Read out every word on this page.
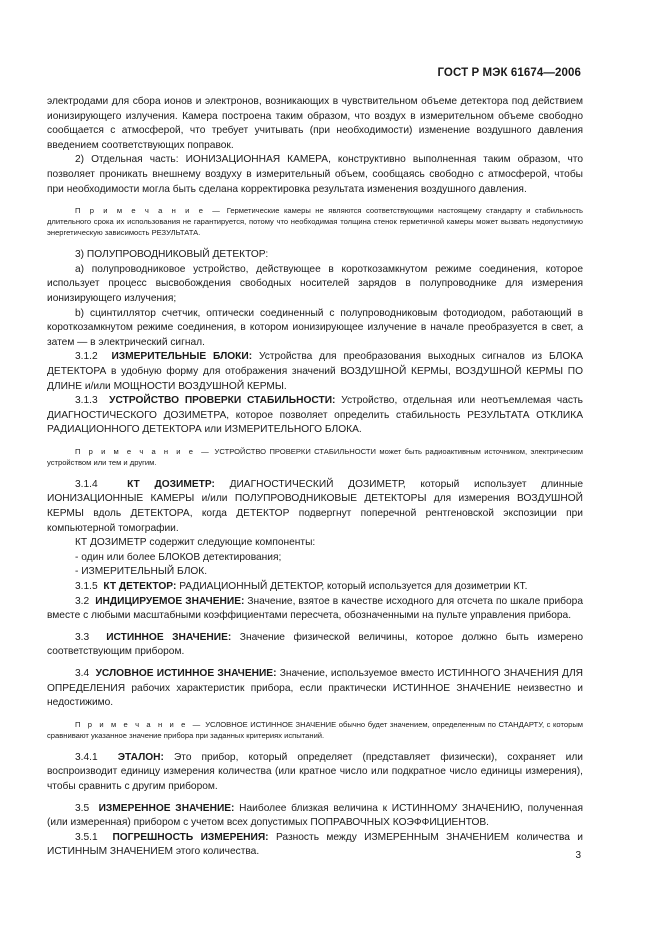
ГОСТ Р МЭК 61674—2006

электродами для сбора ионов и электронов, возникающих в чувствительном объеме детектора под действием ионизирующего излучения. Камера построена таким образом, что воздух в измерительном объеме свободно сообщается с атмосферой, что требует учитывать (при необходимости) изменение воздушного давления введением соответствующих поправок.

2) Отдельная часть: ИОНИЗАЦИОННАЯ КАМЕРА, конструктивно выполненная таким образом, что позволяет проникать внешнему воздуху в измерительный объем, сообщаясь свободно с атмосферой, чтобы при необходимости могла быть сделана корректировка результата изменения воздушного давления.

П р и м е ч а н и е — Герметические камеры не являются соответствующими настоящему стандарту и стабильность длительного срока их использования не гарантируется, потому что необходимая толщина стенок герметичной камеры может вызвать недопустимую энергетическую зависимость РЕЗУЛЬТАТА.

3) ПОЛУПРОВОДНИКОВЫЙ ДЕТЕКТОР:

a) полупроводниковое устройство, действующее в короткозамкнутом режиме соединения, которое использует процесс высвобождения свободных носителей зарядов в полупроводнике для измерения ионизирующего излучения;

b) сцинтиллятор счетчик, оптически соединенный с полупроводниковым фотодиодом, работающий в короткозамкнутом режиме соединения, в котором ионизирующее излучение в начале преобразуется в свет, а затем — в электрический сигнал.

3.1.2 ИЗМЕРИТЕЛЬНЫЕ БЛОКИ: Устройства для преобразования выходных сигналов из БЛОКА ДЕТЕКТОРА в удобную форму для отображения значений ВОЗДУШНОЙ КЕРМЫ, ВОЗДУШНОЙ КЕРМЫ ПО ДЛИНЕ и/или МОЩНОСТИ ВОЗДУШНОЙ КЕРМЫ.

3.1.3 УСТРОЙСТВО ПРОВЕРКИ СТАБИЛЬНОСТИ: Устройство, отдельная или неотъемлемая часть ДИАГНОСТИЧЕСКОГО ДОЗИМЕТРА, которое позволяет определить стабильность РЕЗУЛЬТАТА ОТКЛИКА РАДИАЦИОННОГО ДЕТЕКТОРА или ИЗМЕРИТЕЛЬНОГО БЛОКА.

П р и м е ч а н и е — УСТРОЙСТВО ПРОВЕРКИ СТАБИЛЬНОСТИ может быть радиоактивным источником, электрическим устройством или тем и другим.

3.1.4	КТ ДОЗИМЕТР: ДИАГНОСТИЧЕСКИЙ ДОЗИМЕТР, который использует длинные ИОНИЗАЦИОННЫЕ КАМЕРЫ и/или ПОЛУПРОВОДНИКОВЫЕ ДЕТЕКТОРЫ для измерения ВОЗДУШНОЙ КЕРМЫ вдоль ДЕТЕКТОРА, когда ДЕТЕКТОР подвергнут поперечной рентгеновской экспозиции при компьютерной томографии.

КТ ДОЗИМЕТР содержит следующие компоненты:

- один или более БЛОКОВ детектирования;

- ИЗМЕРИТЕЛЬНЫЙ БЛОК.

3.1.5 КТ ДЕТЕКТОР: РАДИАЦИОННЫЙ ДЕТЕКТОР, который используется для дозиметрии КТ.

3.2 ИНДИЦИРУЕМОЕ ЗНАЧЕНИЕ: Значение, взятое в качестве исходного для отсчета по шкале прибора вместе с любыми масштабными коэффициентами пересчета, обозначенными на пульте управления прибора.

3.3 ИСТИННОЕ ЗНАЧЕНИЕ: Значение физической величины, которое должно быть измерено соответствующим прибором.

3.4 УСЛОВНОЕ ИСТИННОЕ ЗНАЧЕНИЕ: Значение, используемое вместо ИСТИННОГО ЗНАЧЕНИЯ ДЛЯ ОПРЕДЕЛЕНИЯ рабочих характеристик прибора, если практически ИСТИННОЕ ЗНАЧЕНИЕ неизвестно и недостижимо.

П р и м е ч а н и е — УСЛОВНОЕ ИСТИННОЕ ЗНАЧЕНИЕ обычно будет значением, определенным по СТАНДАРТУ, с которым сравнивают указанное значение прибора при заданных критериях испытаний.

3.4.1 ЭТАЛОН: Это прибор, который определяет (представляет физически), сохраняет или воспроизводит единицу измерения количества (или кратное число или подкратное число единицы измерения), чтобы сравнить с другим прибором.

3.5 ИЗМЕРЕННОЕ ЗНАЧЕНИЕ: Наиболее близкая величина к ИСТИННОМУ ЗНАЧЕНИЮ, полученная (или измеренная) прибором с учетом всех допустимых ПОПРАВОЧНЫХ КОЭФФИЦИЕНТОВ.

3.5.1 ПОГРЕШНОСТЬ ИЗМЕРЕНИЯ: Разность между ИЗМЕРЕННЫМ ЗНАЧЕНИЕМ количества и ИСТИННЫМ ЗНАЧЕНИЕМ этого количества.	3
